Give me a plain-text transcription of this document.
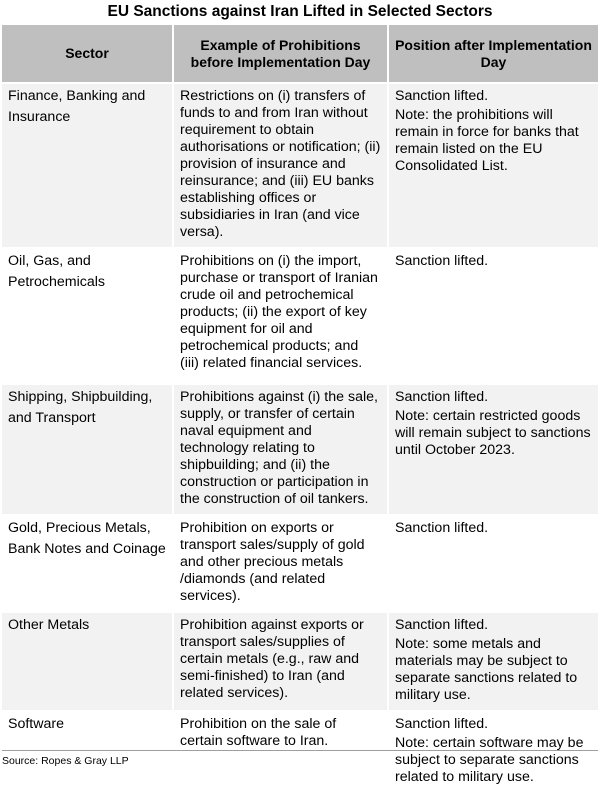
EU Sanctions against Iran Lifted in Selected Sectors
Sector	Example of Prohibitions before Implementation Day	Position after Implementation Day
Finance, Banking and Insurance	Restrictions on (i) transfers of funds to and from Iran without requirement to obtain authorisations or notification; (ii) provision of insurance and reinsurance; and (iii) EU banks establishing offices or subsidiaries in Iran (and vice versa).	Sanction lifted.
Note: the prohibitions will remain in force for banks that remain listed on the EU Consolidated List.

Oil, Gas, and Petrochemicals	Prohibitions on (i) the import, purchase or transport of Iranian crude oil and petrochemical products; (ii) the export of key equipment for oil and petrochemical products; and (iii) related financial services.	Sanction lifted.

Shipping, Shipbuilding, and Transport	Prohibitions against (i) the sale, supply, or transfer of certain naval equipment and technology relating to shipbuilding; and (ii) the construction or participation in the construction of oil tankers.	Sanction lifted.
Note: certain restricted goods will remain subject to sanctions until October 2023.

Gold, Precious Metals, Bank Notes and Coinage	Prohibition on exports or transport sales/supply of gold and other precious metals /diamonds (and related services).	Sanction lifted.

Other Metals	Prohibition against exports or transport sales/supplies of certain metals (e.g., raw and semi-finished) to Iran (and related services).	Sanction lifted.
Note: some metals and materials may be subject to separate sanctions related to military use.

Software	Prohibition on the sale of certain software to Iran.	Sanction lifted.
Note: certain software may be subject to separate sanctions related to military use.
Source: Ropes & Gray LLP
